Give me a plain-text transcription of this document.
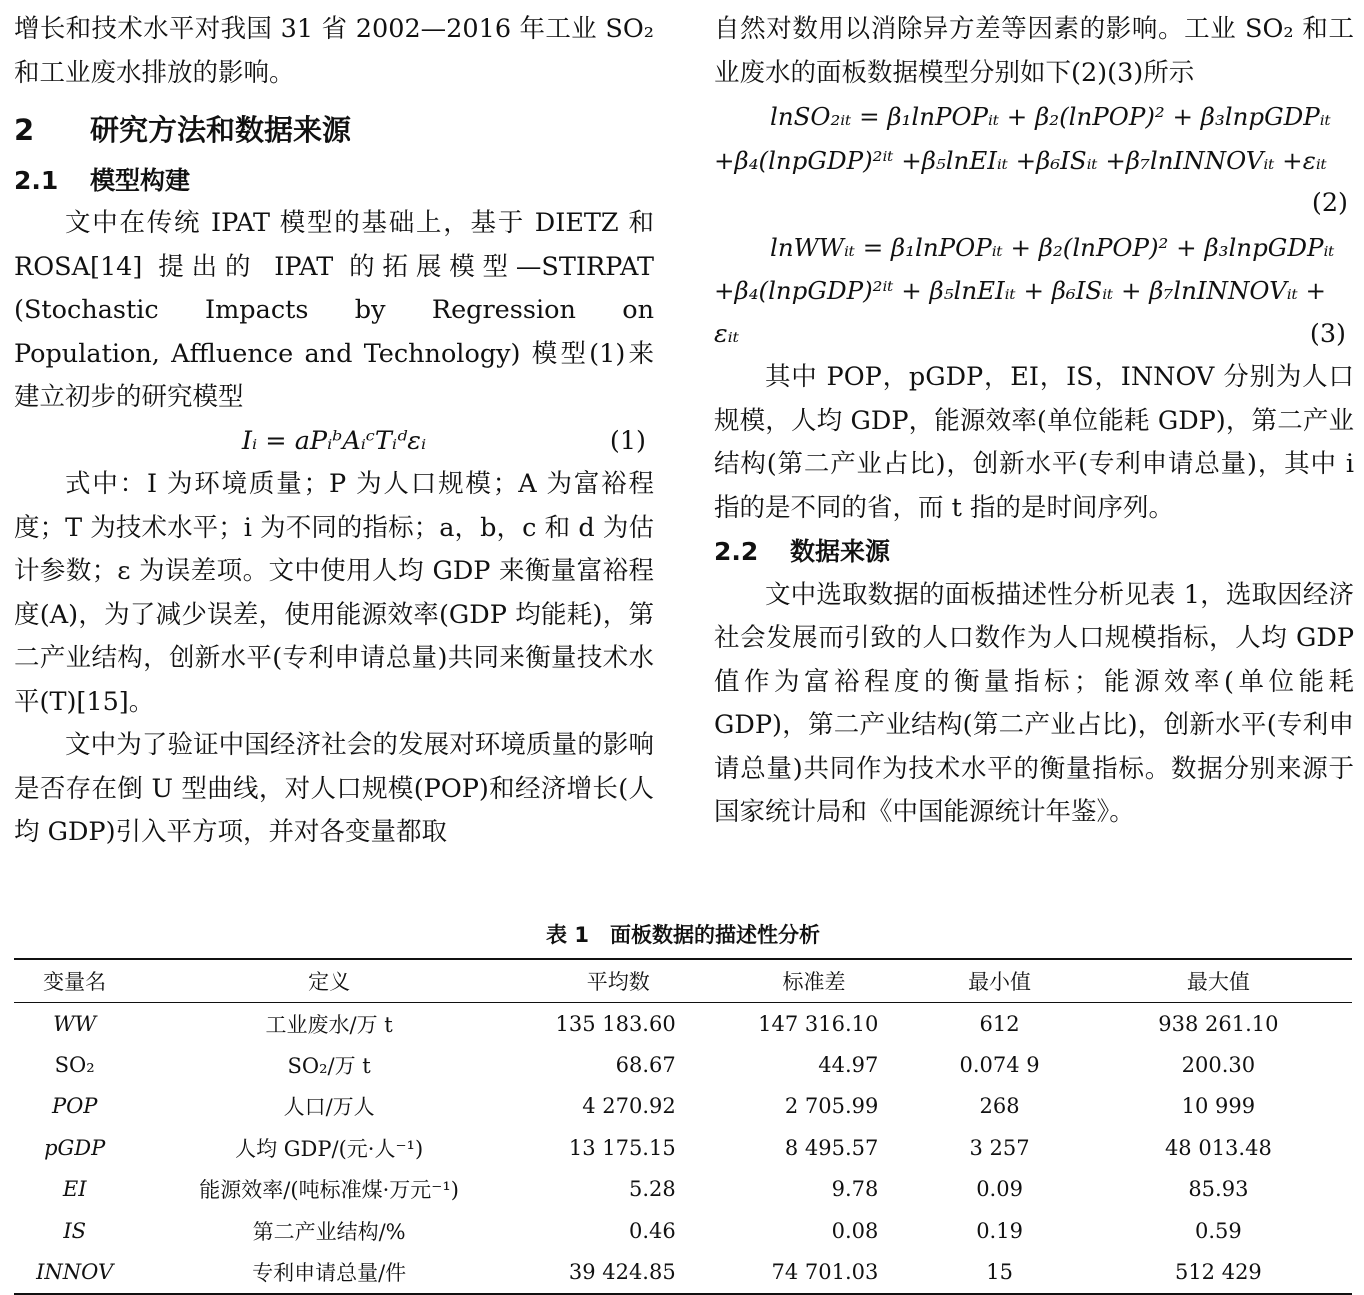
增长和技术水平对我国 31 省 2002—2016 年工业 SO₂和工业废水排放的影响。

2 研究方法和数据来源
2.1 模型构建

文中在传统 IPAT 模型的基础上，基于 DIETZ 和 ROSA[14] 提出的 IPAT 的拓展模型—STIRPAT (Stochastic Impacts by Regression on Population, Affluence and Technology) 模型(1)来建立初步的研究模型

Iᵢ = aPᵢᵇAᵢᶜTᵢᵈεᵢ	(1)

式中：I 为环境质量；P 为人口规模；A 为富裕程度；T 为技术水平；i 为不同的指标；a，b，c 和 d 为估计参数；ε 为误差项。文中使用人均 GDP 来衡量富裕程度(A)，为了减少误差，使用能源效率(GDP 均能耗)，第二产业结构，创新水平(专利申请总量)共同来衡量技术水平(T)[15]。

文中为了验证中国经济社会的发展对环境质量的影响是否存在倒 U 型曲线，对人口规模(POP)和经济增长(人均 GDP)引入平方项，并对各变量都取

自然对数用以消除异方差等因素的影响。工业 SO₂ 和工业废水的面板数据模型分别如下(2)(3)所示

lnSO₂ᵢₜ = β₁lnPOPᵢₜ + β₂(lnPOP)² + β₃lnpGDPᵢₜ
+β₄(lnpGDP)²ⁱᵗ +β₅lnEIᵢₜ +β₆ISᵢₜ +β₇lnINNOVᵢₜ +εᵢₜ
(2)
lnWWᵢₜ = β₁lnPOPᵢₜ + β₂(lnPOP)² + β₃lnpGDPᵢₜ
+β₄(lnpGDP)²ⁱᵗ + β₅lnEIᵢₜ + β₆ISᵢₜ + β₇lnINNOVᵢₜ +
εᵢₜ	(3)

其中 POP，pGDP，EI，IS，INNOV 分别为人口规模，人均 GDP，能源效率(单位能耗 GDP)，第二产业结构(第二产业占比)，创新水平(专利申请总量)，其中 i 指的是不同的省，而 t 指的是时间序列。

2.2 数据来源

文中选取数据的面板描述性分析见表 1，选取因经济社会发展而引致的人口数作为人口规模指标，人均 GDP 值作为富裕程度的衡量指标；能源效率(单位能耗 GDP)，第二产业结构(第二产业占比)，创新水平(专利申请总量)共同作为技术水平的衡量指标。数据分别来源于国家统计局和《中国能源统计年鉴》。

表 1　面板数据的描述性分析
变量名	定义	平均数	标准差	最小值	最大值
WW	工业废水/万 t	135 183.60	147 316.10	612	938 261.10
SO₂	SO₂/万 t	68.67	44.97	0.074 9	200.30
POP	人口/万人	4 270.92	2 705.99	268	10 999
pGDP	人均 GDP/(元·人⁻¹)	13 175.15	8 495.57	3 257	48 013.48
EI	能源效率/(吨标准煤·万元⁻¹)	5.28	9.78	0.09	85.93
IS	第二产业结构/%	0.46	0.08	0.19	0.59
INNOV	专利申请总量/件	39 424.85	74 701.03	15	512 429
